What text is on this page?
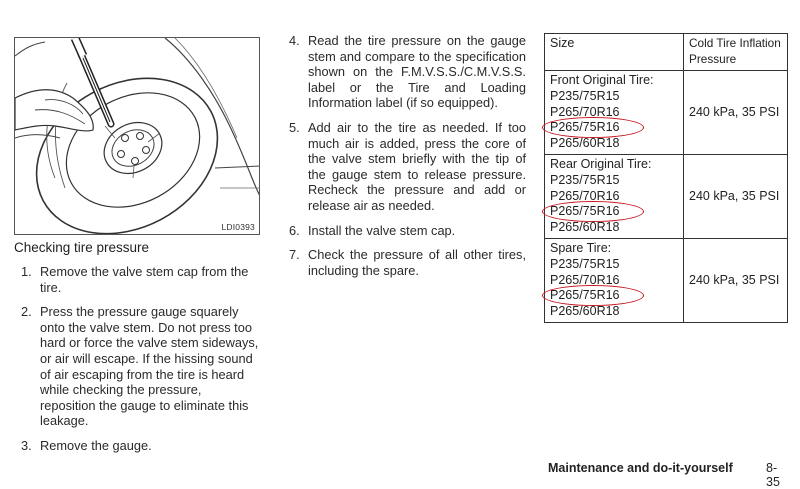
LDI0393
Checking tire pressure
1. Remove the valve stem cap from the tire.
2. Press the pressure gauge squarely onto the valve stem. Do not press too hard or force the valve stem sideways, or air will escape. If the hissing sound of air escaping from the tire is heard while checking the pressure, reposition the gauge to eliminate this leakage.
3. Remove the gauge.
4. Read the tire pressure on the gauge stem and compare to the specification shown on the F.M.V.S.S./C.M.V.S.S. label or the Tire and Loading Information label (if so equipped).
5. Add air to the tire as needed. If too much air is added, press the core of the valve stem briefly with the tip of the gauge stem to release pressure. Recheck the pressure and add or release air as needed.
6. Install the valve stem cap.
7. Check the pressure of all other tires, including the spare.
Size	Cold Tire Inflation Pressure

Front Original Tire:
P235/75R15
P265/70R16
P265/75R16
P265/60R18	240 kPa, 35 PSI

Rear Original Tire:
P235/75R15
P265/70R16
P265/75R16
P265/60R18	240 kPa, 35 PSI

Spare Tire:
P235/75R15
P265/70R16
P265/75R16
P265/60R18	240 kPa, 35 PSI
Maintenance and do-it-yourself	8-35
